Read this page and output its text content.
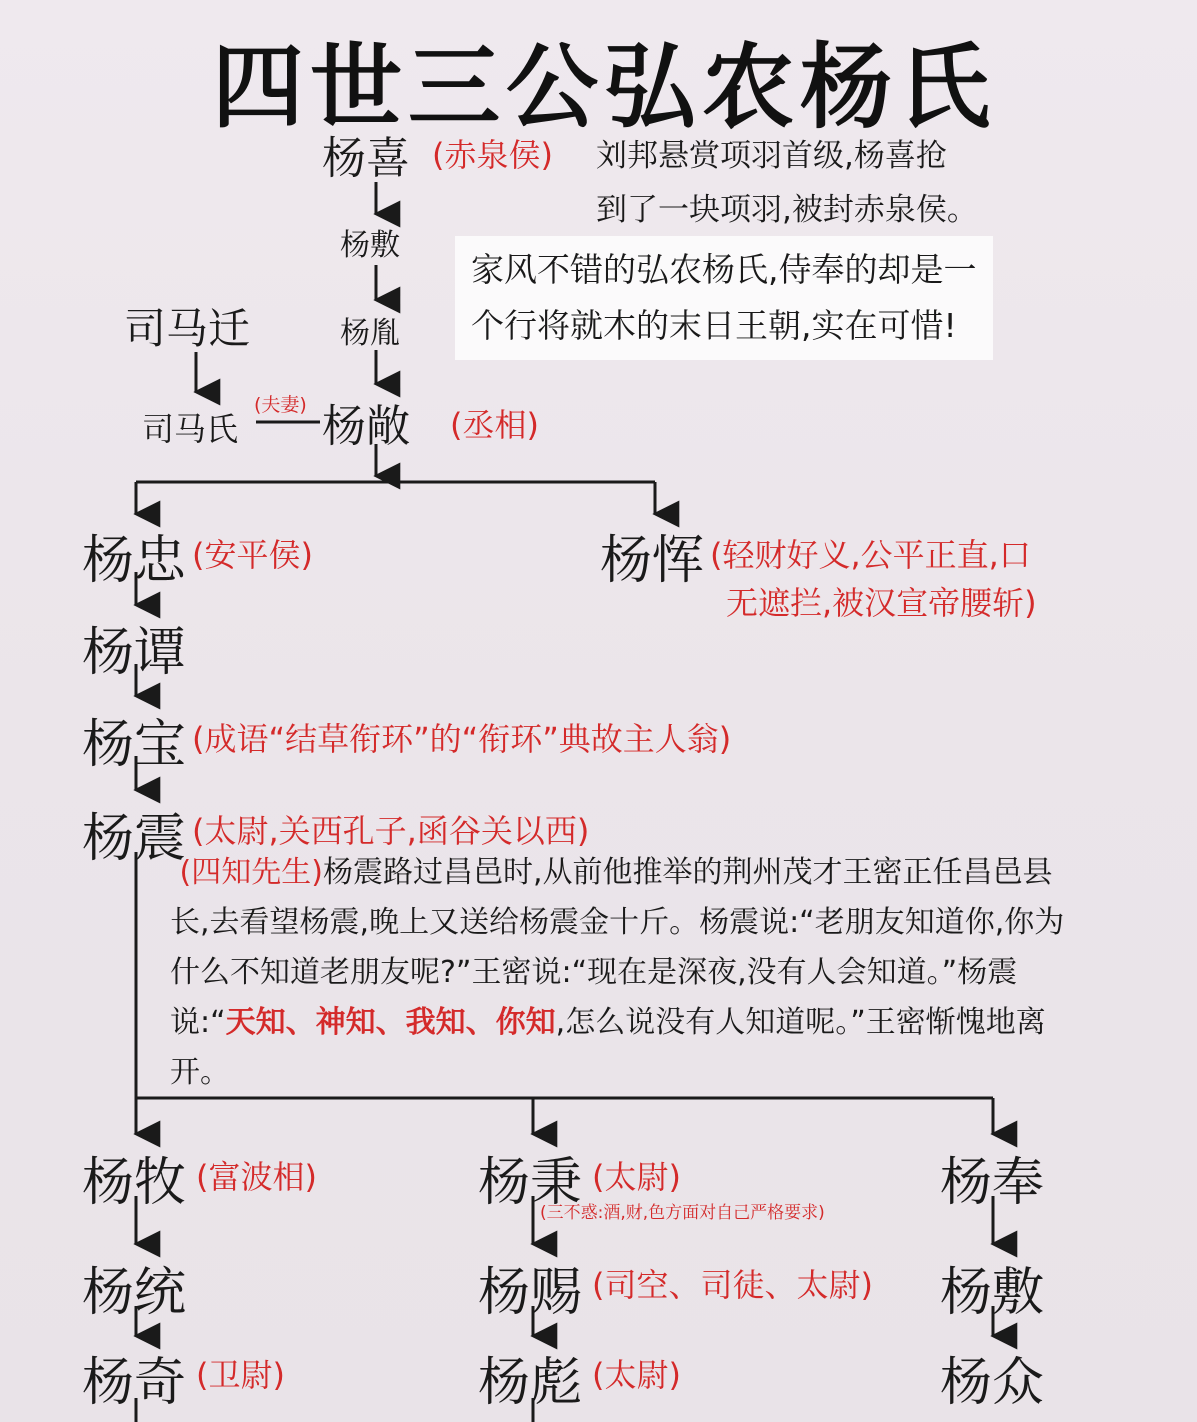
四世三公弘农杨氏
杨喜 (赤泉侯) 刘邦悬赏项羽首级,杨喜抢
到了一块项羽,被封赤泉侯。
杨敷
杨胤
家风不错的弘农杨氏,侍奉的却是一
个行将就木的末日王朝,实在可惜!
司马迁
司马氏
(夫妻) 杨敞 (丞相)
杨忠 (安平侯)	杨恽 (轻财好义,公平正直,口
无遮拦,被汉宣帝腰斩)
杨谭
杨宝 (成语“结草衔环”的“衔环”典故主人翁)
杨震 (太尉,关西孔子,函谷关以西)
(四知先生)杨震路过昌邑时,从前他推举的荆州茂才王密正任昌邑县长,去看望杨震,晚上又送给杨震金十斤。杨震说:“老朋友知道你,你为什么不知道老朋友呢?”王密说:“现在是深夜,没有人会知道。”杨震说:“天知、神知、我知、你知,怎么说没有人知道呢。”王密惭愧地离开。
杨牧 (富波相)	杨秉 (太尉)
(三不惑:酒,财,色方面对自己严格要求) 杨奉
杨统	杨赐 (司空、司徒、太尉) 杨敷
杨奇 (卫尉)	杨彪 (太尉)	杨众
